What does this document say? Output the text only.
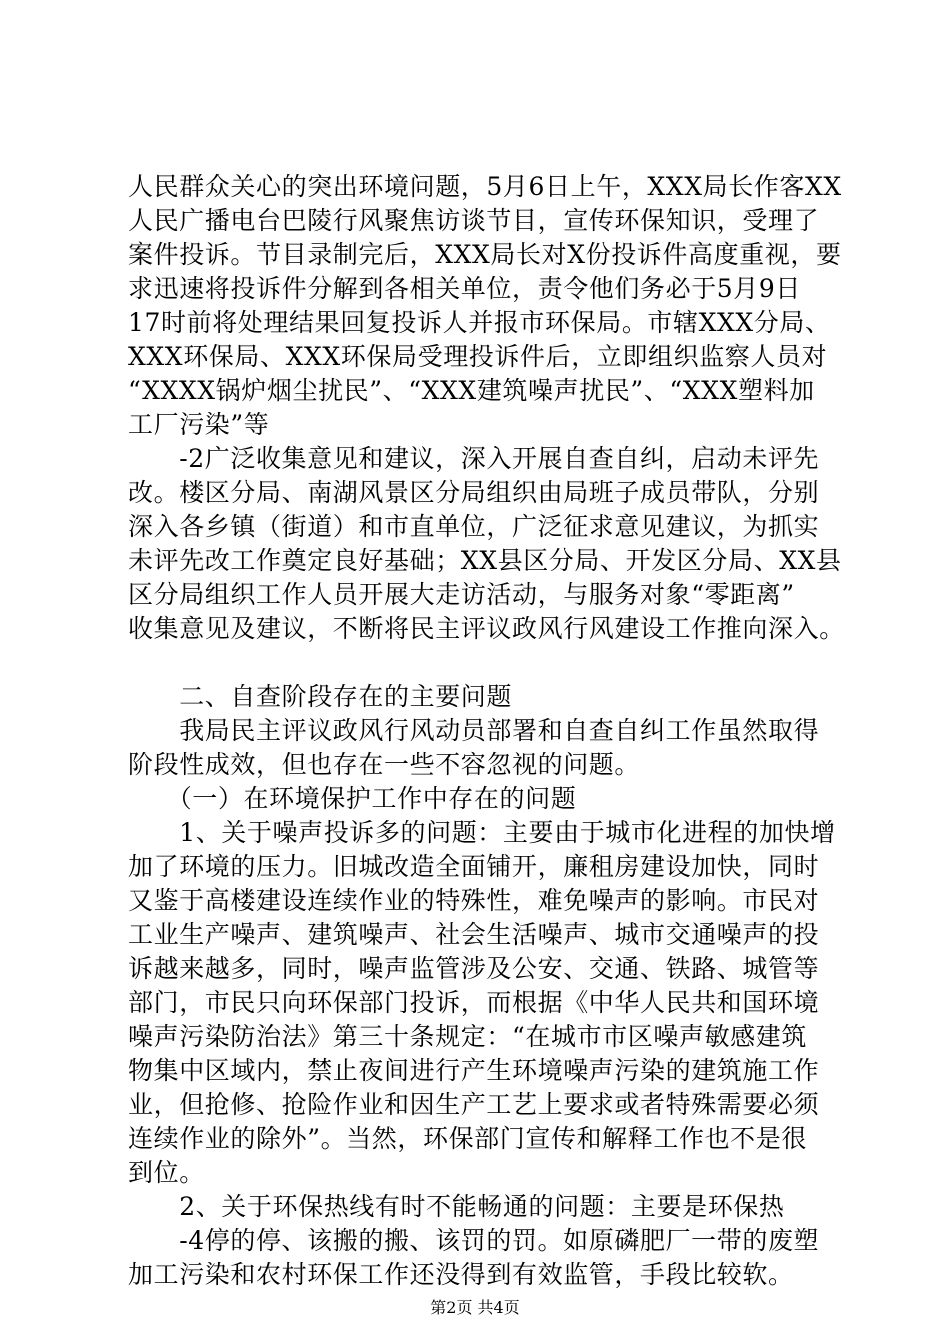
人民群众关心的突出环境问题，5月6日上午，XXX局长作客XX
人民广播电台巴陵行风聚焦访谈节目，宣传环保知识，受理了
案件投诉。节目录制完后，XXX局长对X份投诉件高度重视，要
求迅速将投诉件分解到各相关单位，责令他们务必于5月9日
17时前将处理结果回复投诉人并报市环保局。市辖XXX分局、
XXX环保局、XXX环保局受理投诉件后，立即组织监察人员对
“XXXX锅炉烟尘扰民”、“XXX建筑噪声扰民”、“XXX塑料加
工厂污染”等
　　-2广泛收集意见和建议，深入开展自查自纠，启动未评先
改。楼区分局、南湖风景区分局组织由局班子成员带队，分别
深入各乡镇（街道）和市直单位，广泛征求意见建议，为抓实
未评先改工作奠定良好基础；XX县区分局、开发区分局、XX县
区分局组织工作人员开展大走访活动，与服务对象“零距离”
收集意见及建议，不断将民主评议政风行风建设工作推向深入。
　　二、自查阶段存在的主要问题
　　我局民主评议政风行风动员部署和自查自纠工作虽然取得
阶段性成效，但也存在一些不容忽视的问题。
　　（一）在环境保护工作中存在的问题
　　1、关于噪声投诉多的问题：主要由于城市化进程的加快增
加了环境的压力。旧城改造全面铺开，廉租房建设加快，同时
又鉴于高楼建设连续作业的特殊性，难免噪声的影响。市民对
工业生产噪声、建筑噪声、社会生活噪声、城市交通噪声的投
诉越来越多，同时，噪声监管涉及公安、交通、铁路、城管等
部门，市民只向环保部门投诉，而根据《中华人民共和国环境
噪声污染防治法》第三十条规定：“在城市市区噪声敏感建筑
物集中区域内，禁止夜间进行产生环境噪声污染的建筑施工作
业，但抢修、抢险作业和因生产工艺上要求或者特殊需要必须
连续作业的除外”。当然，环保部门宣传和解释工作也不是很
到位。
　　2、关于环保热线有时不能畅通的问题：主要是环保热
　　-4停的停、该搬的搬、该罚的罚。如原磷肥厂一带的废塑
加工污染和农村环保工作还没得到有效监管，手段比较软。
第2页 共4页
